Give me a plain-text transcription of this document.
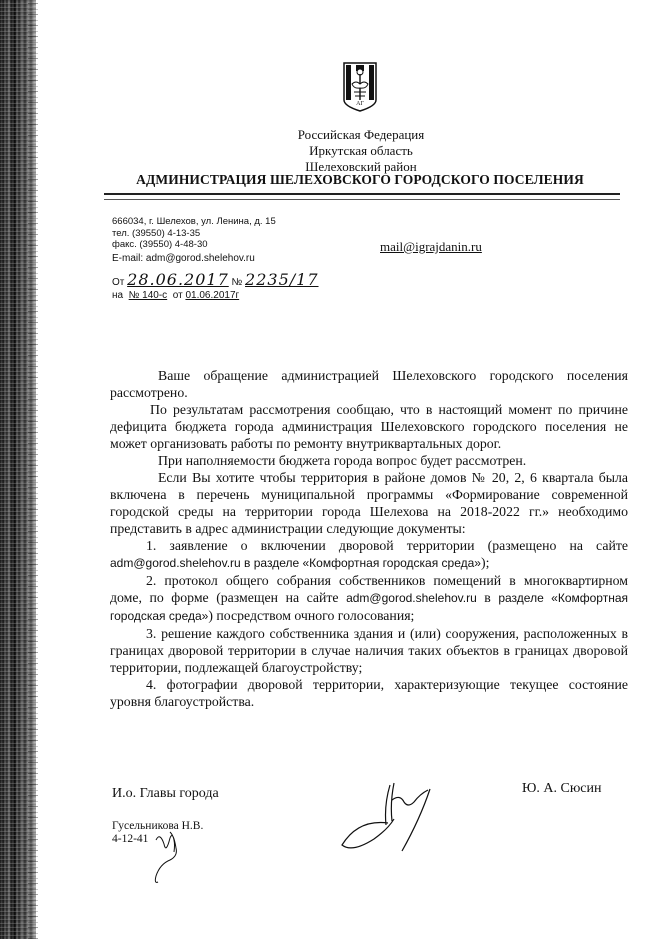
АГ
Российская Федерация
Иркутская область
Шелеховский район
АДМИНИСТРАЦИЯ ШЕЛЕХОВСКОГО ГОРОДСКОГО ПОСЕЛЕНИЯ
666034, г. Шелехов, ул. Ленина, д. 15
тел. (39550) 4-13-35
факс. (39550) 4-48-30
E-mail: adm@gorod.shelehov.ru
mail@igrajdanin.ru
От 28.06.2017 № 2235/17
на № 140-с от 01.06.2017г

Ваше обращение администрацией Шелеховского городского поселения рассмотрено.

По результатам рассмотрения сообщаю, что в настоящий момент по причине дефицита бюджета города администрация Шелеховского городского поселения не может организовать работы по ремонту внутриквартальных дорог.

При наполняемости бюджета города вопрос будет рассмотрен.

Если Вы хотите чтобы территория в районе домов № 20, 2, 6 квартала была включена в перечень муниципальной программы «Формирование современной городской среды на территории города Шелехова на 2018-2022 гг.» необходимо представить в адрес администрации следующие документы:

1. заявление о включении дворовой территории (размещено на сайте adm@gorod.shelehov.ru в разделе «Комфортная городская среда»);

2. протокол общего собрания собственников помещений в многоквартирном доме, по форме (размещен на сайте adm@gorod.shelehov.ru в разделе «Комфортная городская среда») посредством очного голосования;

3. решение каждого собственника здания и (или) сооружения, расположенных в границах дворовой территории в случае наличия таких объектов в границах дворовой территории, подлежащей благоустройству;

4. фотографии дворовой территории, характеризующие текущее состояние уровня благоустройства.

И.о. Главы города	Ю. А. Сюсин
Гусельникова Н.В.
4-12-41
